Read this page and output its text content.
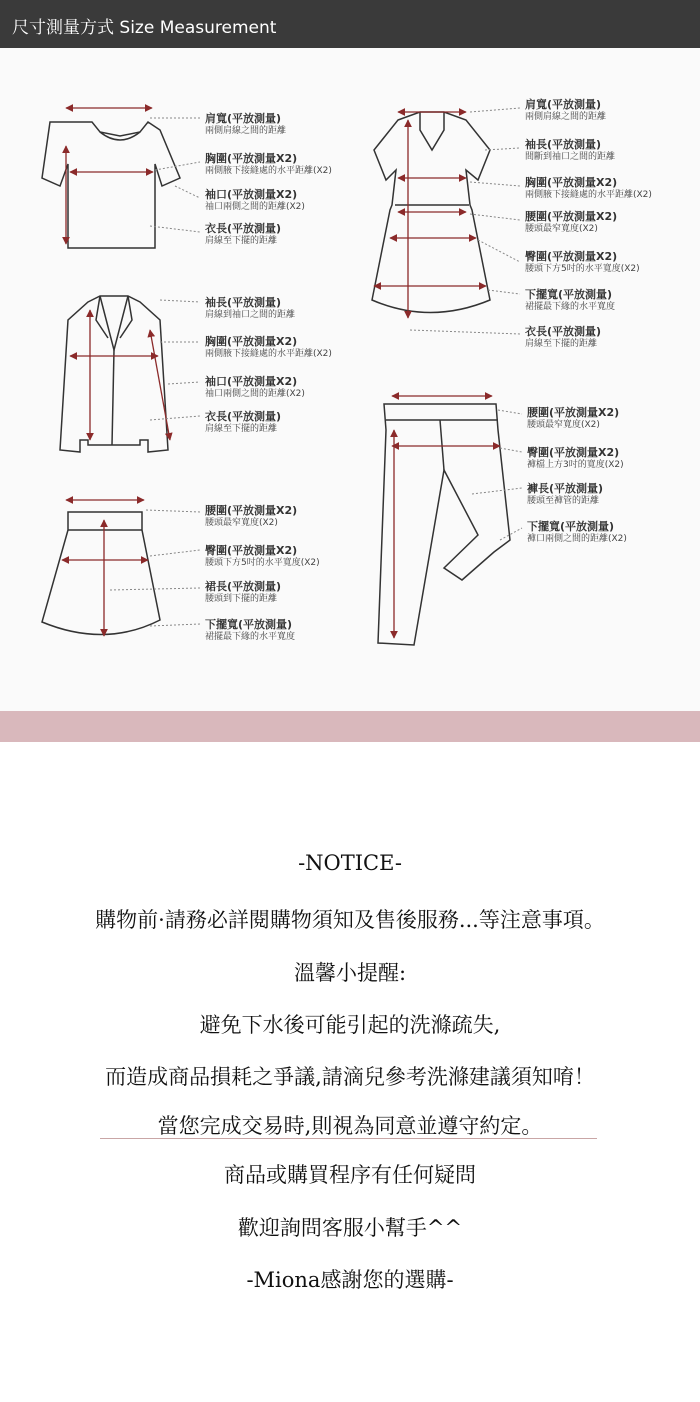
尺寸測量方式 Size Measurement
肩寬(平放測量)
兩側肩線之間的距離
胸圍(平放測量X2)
兩側腋下接縫處的水平距離(X2)
袖口(平放測量X2)
袖口兩側之間的距離(X2)
衣長(平放測量)
肩線至下擺的距離
肩寬(平放測量)
兩側肩線之間的距離
袖長(平放測量)
間斷到袖口之間的距離
胸圍(平放測量X2)
兩側腋下接縫處的水平距離(X2)
腰圍(平放測量X2)
腰頭最窄寬度(X2)
臀圍(平放測量X2)
腰頭下方5吋的水平寬度(X2)
下擺寬(平放測量)
裙擺最下緣的水平寬度
衣長(平放測量)
肩線至下擺的距離
袖長(平放測量)
肩線到袖口之間的距離
胸圍(平放測量X2)
兩側腋下接縫處的水平距離(X2)
袖口(平放測量X2)
袖口兩側之間的距離(X2)
衣長(平放測量)
肩線至下擺的距離
腰圍(平放測量X2)
腰頭最窄寬度(X2)
臀圍(平放測量X2)
褲檔上方3吋的寬度(X2)
褲長(平放測量)
腰頭至褲管的距離
下擺寬(平放測量)
褲口兩側之間的距離(X2)
腰圍(平放測量X2)
腰頭最窄寬度(X2)
臀圍(平放測量X2)
腰頭下方5吋的水平寬度(X2)
裙長(平放測量)
腰頭到下擺的距離
下擺寬(平放測量)
裙擺最下緣的水平寬度
-NOTICE-
購物前·請務必詳閱購物須知及售後服務...等注意事項。
溫馨小提醒:
避免下水後可能引起的洗滌疏失,
而造成商品損耗之爭議,請滴兒參考洗滌建議須知唷！
當您完成交易時,則視為同意並遵守約定。
商品或購買程序有任何疑問
歡迎詢問客服小幫手^^
-Miona感謝您的選購-
